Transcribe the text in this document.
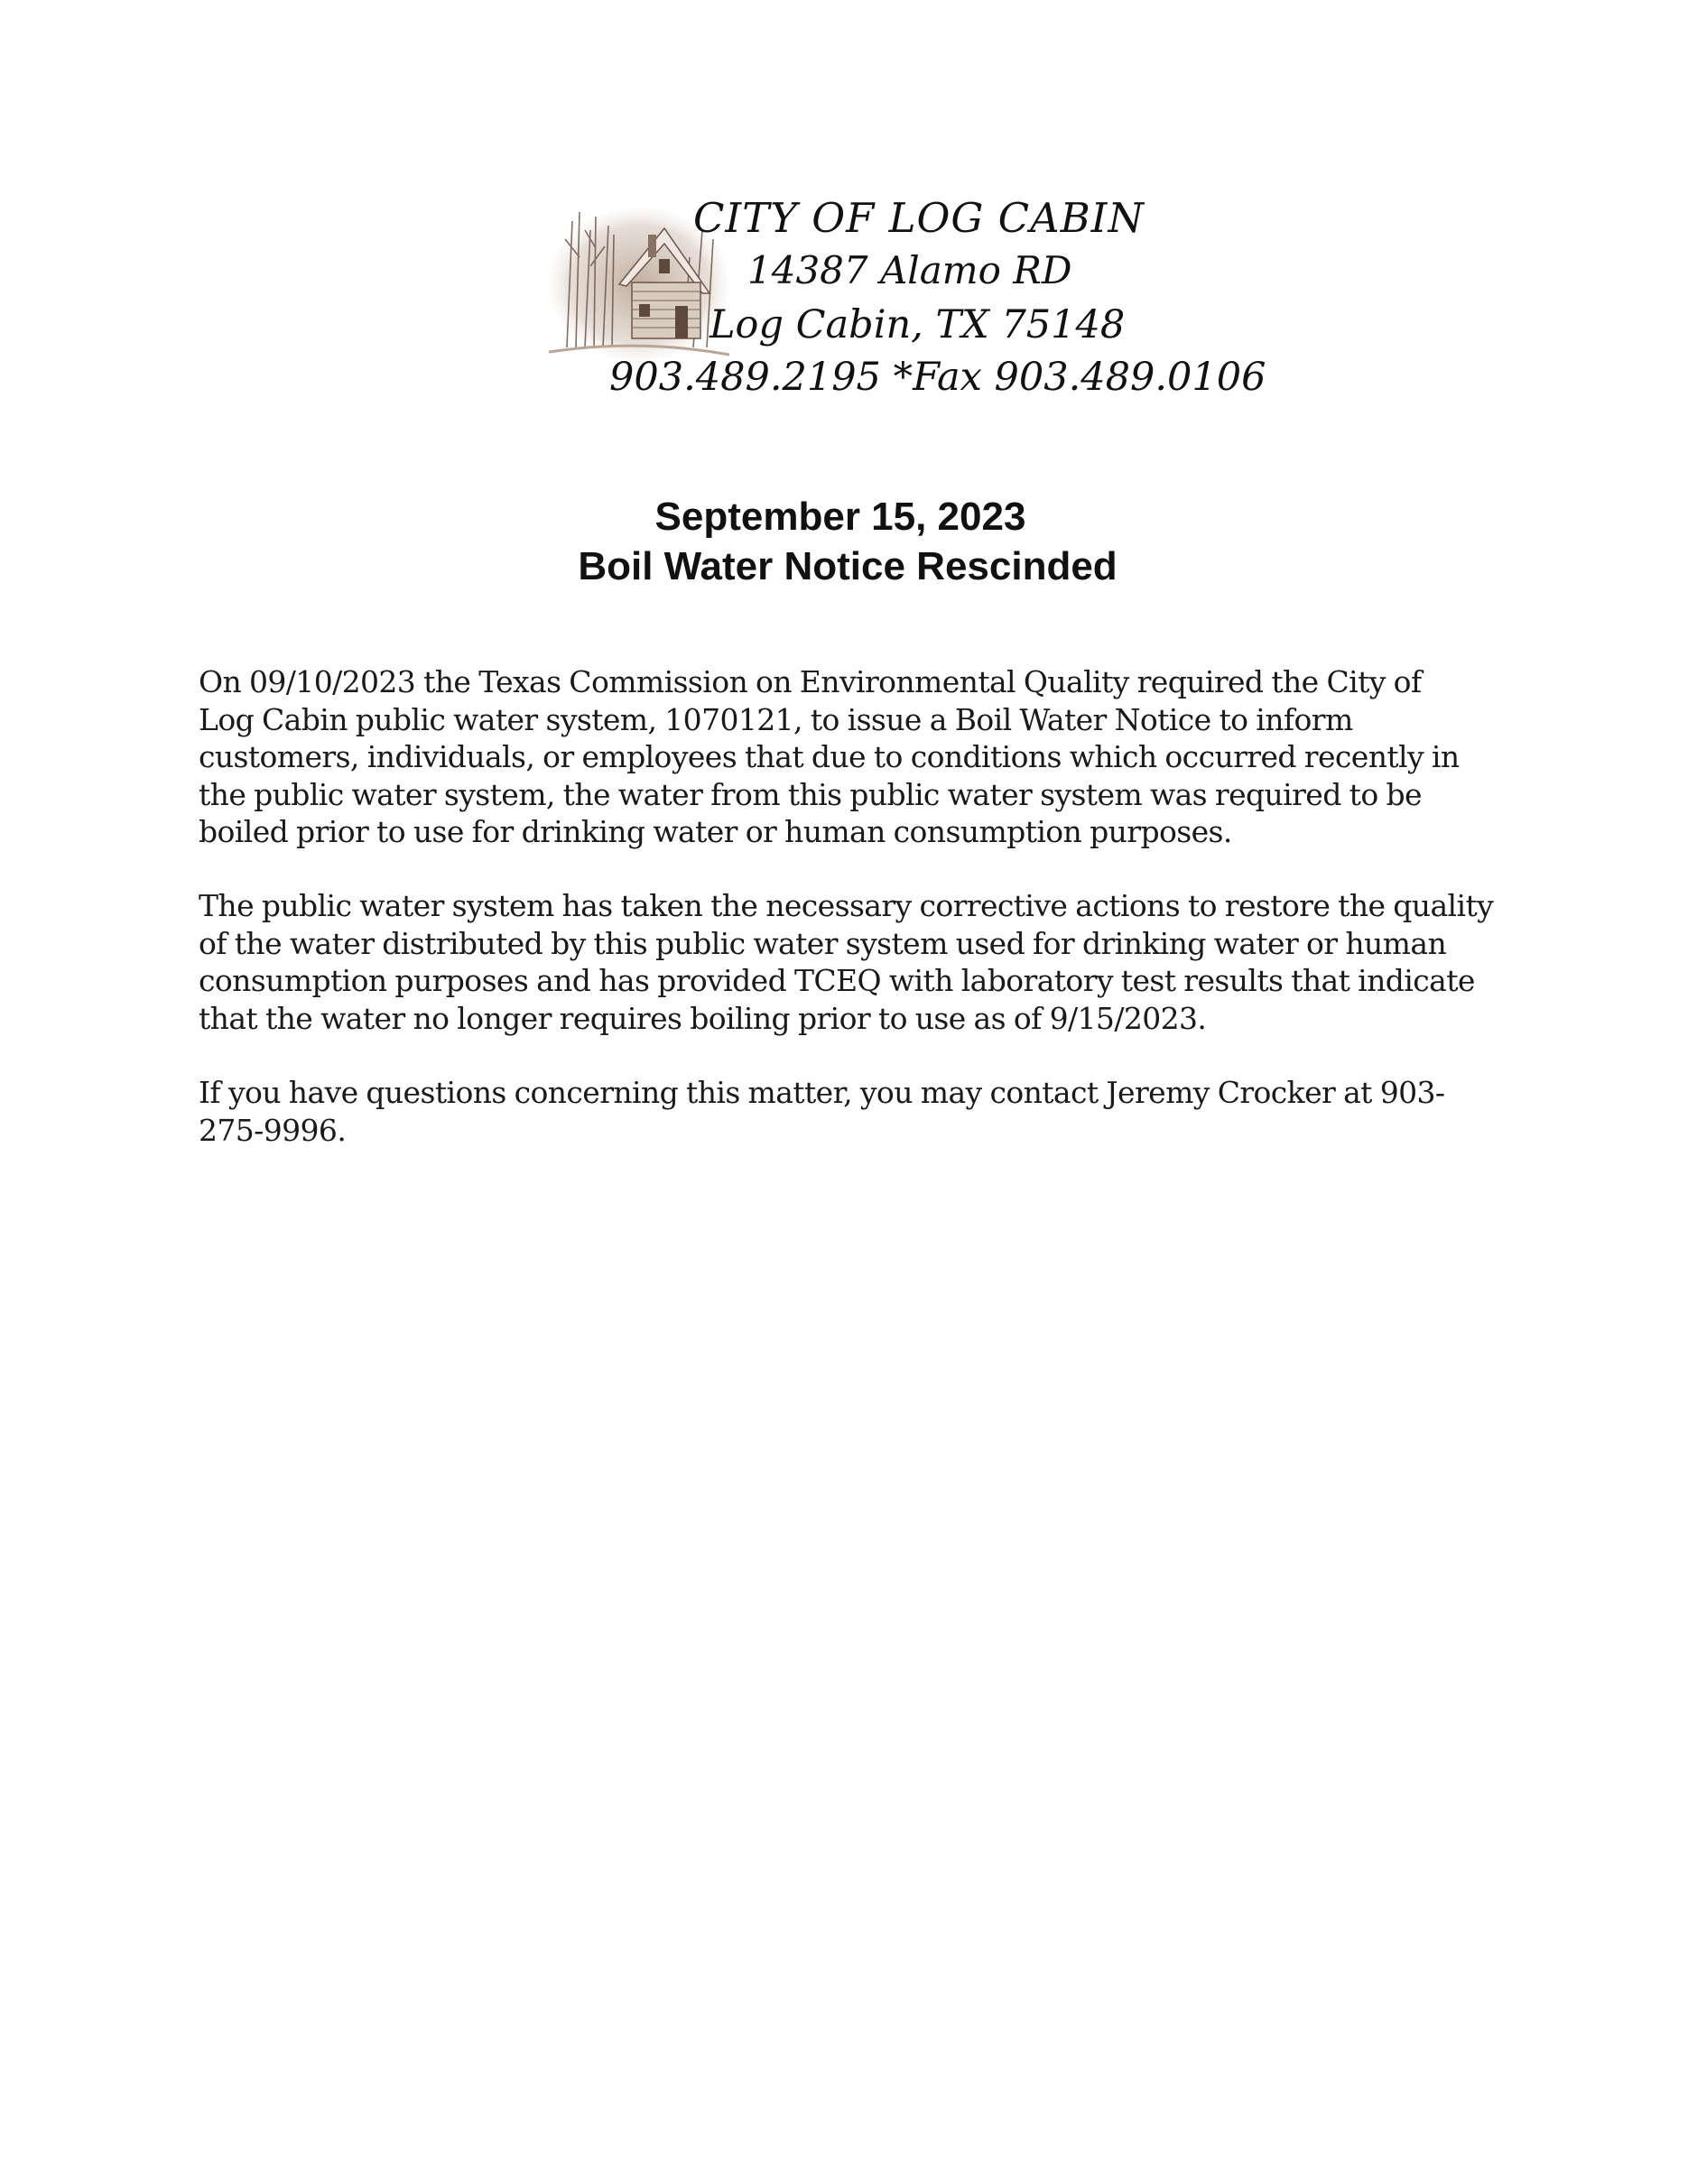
CITY OF LOG CABIN
14387 Alamo RD
Log Cabin, TX 75148
903.489.2195 *Fax 903.489.0106
September 15, 2023
Boil Water Notice Rescinded
On 09/10/2023 the Texas Commission on Environmental Quality required the City of
Log Cabin public water system, 1070121, to issue a Boil Water Notice to inform
customers, individuals, or employees that due to conditions which occurred recently in
the public water system, the water from this public water system was required to be
boiled prior to use for drinking water or human consumption purposes.
The public water system has taken the necessary corrective actions to restore the quality
of the water distributed by this public water system used for drinking water or human
consumption purposes and has provided TCEQ with laboratory test results that indicate
that the water no longer requires boiling prior to use as of 9/15/2023.
If you have questions concerning this matter, you may contact Jeremy Crocker at 903-
275-9996.
